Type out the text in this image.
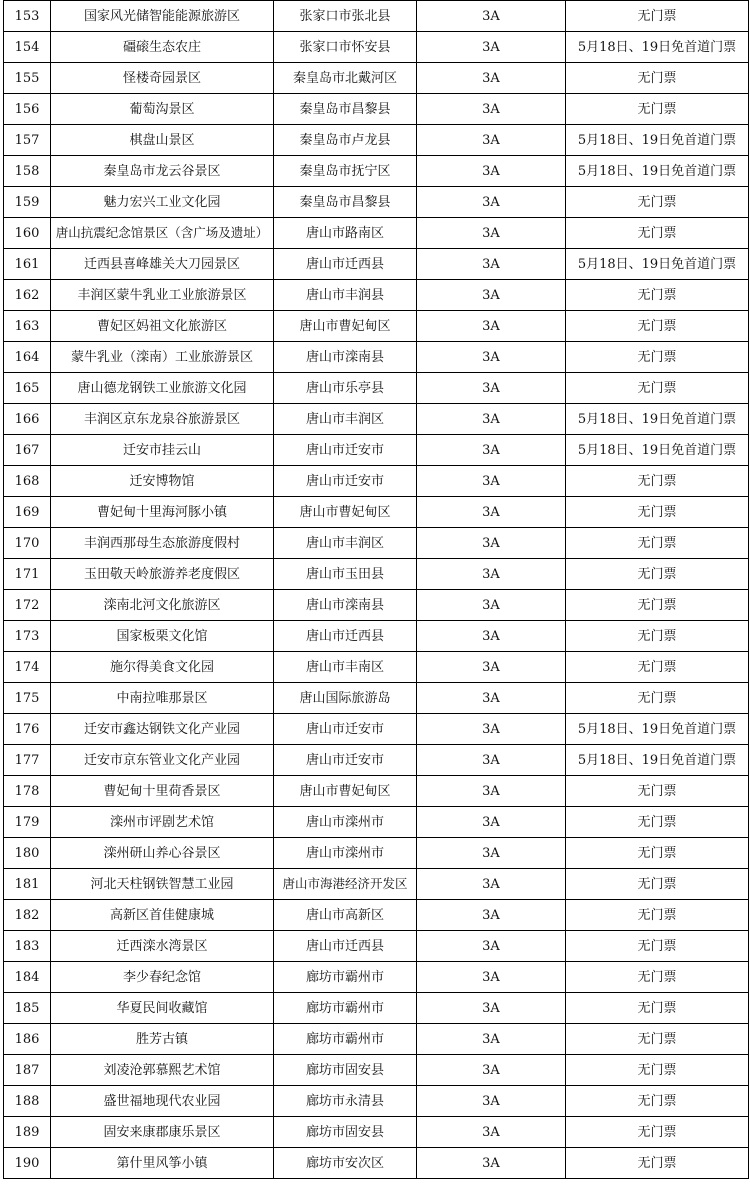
153	国家风光储智能能源旅游区	张家口市张北县	3A	无门票
154	礓磙生态农庄	张家口市怀安县	3A	5月18日、19日免首道门票
155	怪楼奇园景区	秦皇岛市北戴河区	3A	无门票
156	葡萄沟景区	秦皇岛市昌黎县	3A	无门票
157	棋盘山景区	秦皇岛市卢龙县	3A	5月18日、19日免首道门票
158	秦皇岛市龙云谷景区	秦皇岛市抚宁区	3A	5月18日、19日免首道门票
159	魅力宏兴工业文化园	秦皇岛市昌黎县	3A	无门票
160	唐山抗震纪念馆景区（含广场及遗址）	唐山市路南区	3A	无门票
161	迁西县喜峰雄关大刀园景区	唐山市迁西县	3A	5月18日、19日免首道门票
162	丰润区蒙牛乳业工业旅游景区	唐山市丰润县	3A	无门票
163	曹妃区妈祖文化旅游区	唐山市曹妃甸区	3A	无门票
164	蒙牛乳业（滦南）工业旅游景区	唐山市滦南县	3A	无门票
165	唐山德龙钢铁工业旅游文化园	唐山市乐亭县	3A	无门票
166	丰润区京东龙泉谷旅游景区	唐山市丰润区	3A	5月18日、19日免首道门票
167	迁安市挂云山	唐山市迁安市	3A	5月18日、19日免首道门票
168	迁安博物馆	唐山市迁安市	3A	无门票
169	曹妃甸十里海河豚小镇	唐山市曹妃甸区	3A	无门票
170	丰润西那母生态旅游度假村	唐山市丰润区	3A	无门票
171	玉田敬天岭旅游养老度假区	唐山市玉田县	3A	无门票
172	滦南北河文化旅游区	唐山市滦南县	3A	无门票
173	国家板栗文化馆	唐山市迁西县	3A	无门票
174	施尔得美食文化园	唐山市丰南区	3A	无门票
175	中南拉唯那景区	唐山国际旅游岛	3A	无门票
176	迁安市鑫达钢铁文化产业园	唐山市迁安市	3A	5月18日、19日免首道门票
177	迁安市京东管业文化产业园	唐山市迁安市	3A	5月18日、19日免首道门票
178	曹妃甸十里荷香景区	唐山市曹妃甸区	3A	无门票
179	滦州市评剧艺术馆	唐山市滦州市	3A	无门票
180	滦州研山养心谷景区	唐山市滦州市	3A	无门票
181	河北天柱钢铁智慧工业园	唐山市海港经济开发区	3A	无门票
182	高新区首佳健康城	唐山市高新区	3A	无门票
183	迁西滦水湾景区	唐山市迁西县	3A	无门票
184	李少春纪念馆	廊坊市霸州市	3A	无门票
185	华夏民间收藏馆	廊坊市霸州市	3A	无门票
186	胜芳古镇	廊坊市霸州市	3A	无门票
187	刘凌沧郭慕熙艺术馆	廊坊市固安县	3A	无门票
188	盛世福地现代农业园	廊坊市永清县	3A	无门票
189	固安来康郡康乐景区	廊坊市固安县	3A	无门票
190	第什里风筝小镇	廊坊市安次区	3A	无门票
